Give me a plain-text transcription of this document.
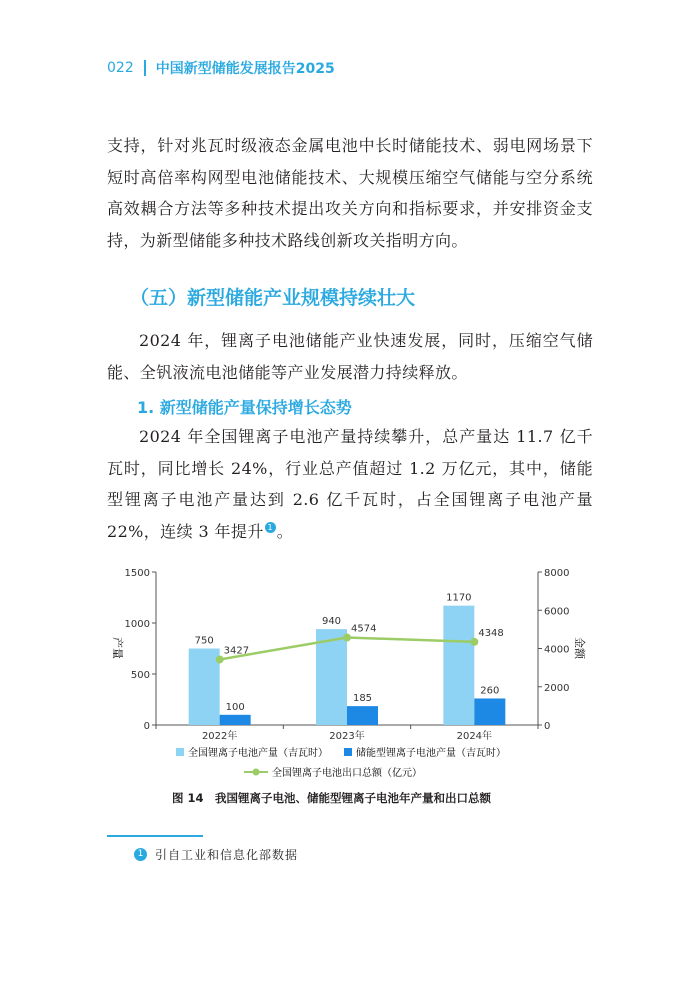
022 中国新型储能发展报告2025
支持，针对兆瓦时级液态金属电池中长时储能技术、弱电网场景下短时高倍率构网型电池储能技术、大规模压缩空气储能与空分系统高效耦合方法等多种技术提出攻关方向和指标要求，并安排资金支持，为新型储能多种技术路线创新攻关指明方向。
（五）新型储能产业规模持续壮大
2024 年，锂离子电池储能产业快速发展，同时，压缩空气储能、全钒液流电池储能等产业发展潜力持续释放。
1. 新型储能产量保持增长态势
2024 年全国锂离子电池产量持续攀升，总产量达 11.7 亿千瓦时，同比增长 24%，行业总产值超过 1.2 万亿元，其中，储能型锂离子电池产量达到 2.6 亿千瓦时，占全国锂离子电池产量 22%，连续 3 年提升 1 。
0
500
1000
1500
0
2000
4000
6000
8000
产量	金额
750
940
1170
100
185
260
3427
4574	4348
2022年	2023年	2024年
全国锂离子电池产量（吉瓦时）	储能型锂离子电池产量（吉瓦时）
全国锂离子电池出口总额（亿元）
图 14　我国锂离子电池、储能型锂离子电池年产量和出口总额
1 引自工业和信息化部数据
